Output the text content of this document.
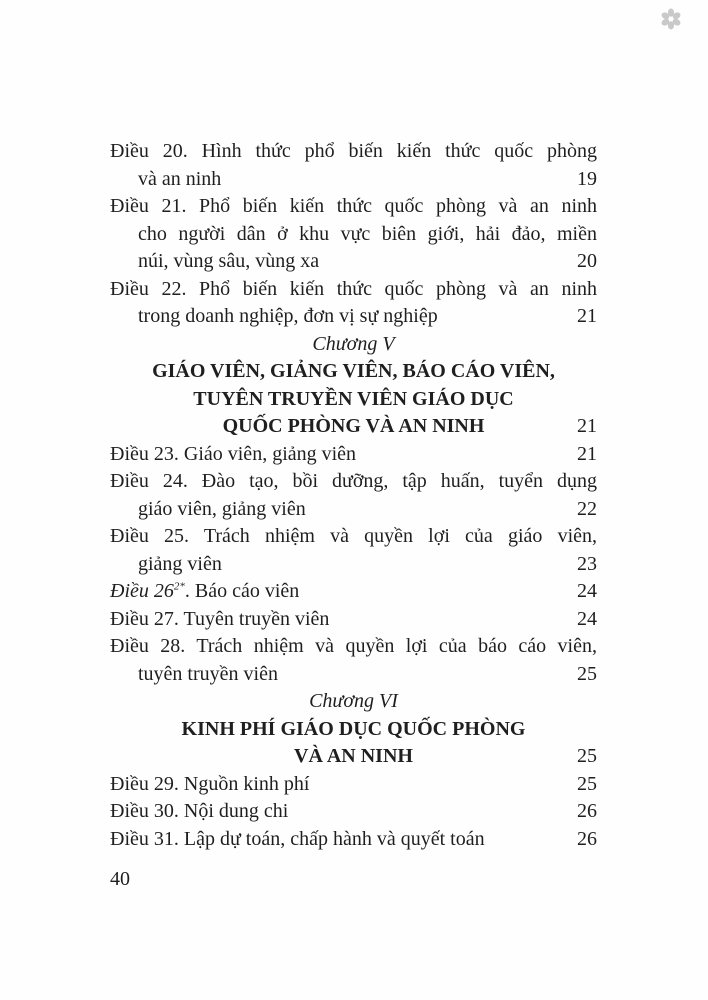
Điều 20. Hình thức phổ biến kiến thức quốc phòng
và an ninh	19
Điều 21. Phổ biến kiến thức quốc phòng và an ninh
cho người dân ở khu vực biên giới, hải đảo, miền
núi, vùng sâu, vùng xa	20
Điều 22. Phổ biến kiến thức quốc phòng và an ninh
trong doanh nghiệp, đơn vị sự nghiệp	21
Chương V
GIÁO VIÊN, GIẢNG VIÊN, BÁO CÁO VIÊN,
TUYÊN TRUYỀN VIÊN GIÁO DỤC
QUỐC PHÒNG VÀ AN NINH	21
Điều 23. Giáo viên, giảng viên	21
Điều 24. Đào tạo, bồi dưỡng, tập huấn, tuyển dụng
giáo viên, giảng viên	22
Điều 25. Trách nhiệm và quyền lợi của giáo viên,
giảng viên	23
Điều $26^{2*}$. Báo cáo viên	24
Điều 27. Tuyên truyền viên	24
Điều 28. Trách nhiệm và quyền lợi của báo cáo viên,
tuyên truyền viên	25
Chương VI
KINH PHÍ GIÁO DỤC QUỐC PHÒNG
VÀ AN NINH	25
Điều 29. Nguồn kinh phí	25
Điều 30. Nội dung chi	26
Điều 31. Lập dự toán, chấp hành và quyết toán	26
40
